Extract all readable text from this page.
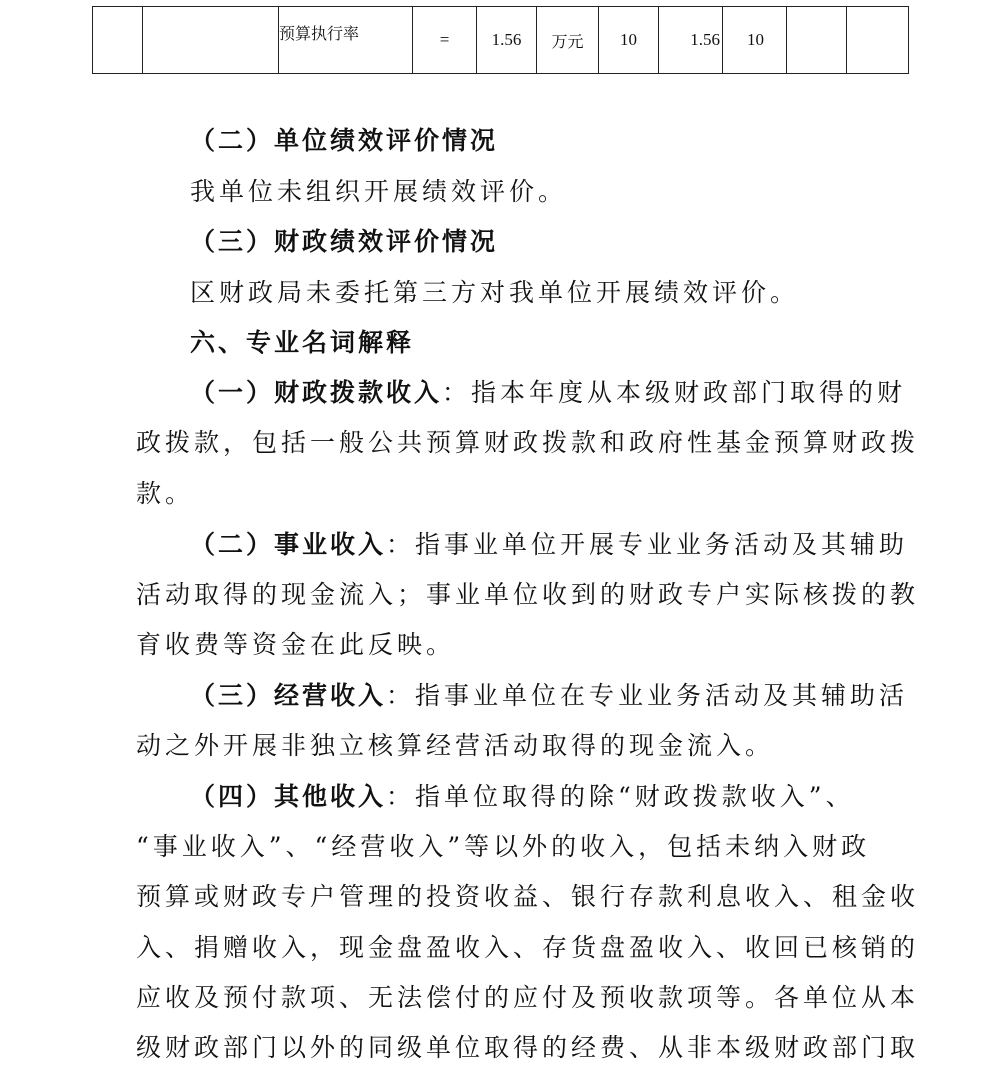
		预算执行率	=	1.56	万元	10	1.56	10		
（二）单位绩效评价情况
我单位未组织开展绩效评价。
（三）财政绩效评价情况
区财政局未委托第三方对我单位开展绩效评价。
六、专业名词解释
（一）财政拨款收入：指本年度从本级财政部门取得的财
政拨款，包括一般公共预算财政拨款和政府性基金预算财政拨
款。
（二）事业收入：指事业单位开展专业业务活动及其辅助
活动取得的现金流入；事业单位收到的财政专户实际核拨的教
育收费等资金在此反映。
（三）经营收入：指事业单位在专业业务活动及其辅助活
动之外开展非独立核算经营活动取得的现金流入。
（四）其他收入：指单位取得的除“财政拨款收入”、
“事业收入”、“经营收入”等以外的收入，包括未纳入财政
预算或财政专户管理的投资收益、银行存款利息收入、租金收
入、捐赠收入，现金盘盈收入、存货盘盈收入、收回已核销的
应收及预付款项、无法偿付的应付及预收款项等。各单位从本
级财政部门以外的同级单位取得的经费、从非本级财政部门取
